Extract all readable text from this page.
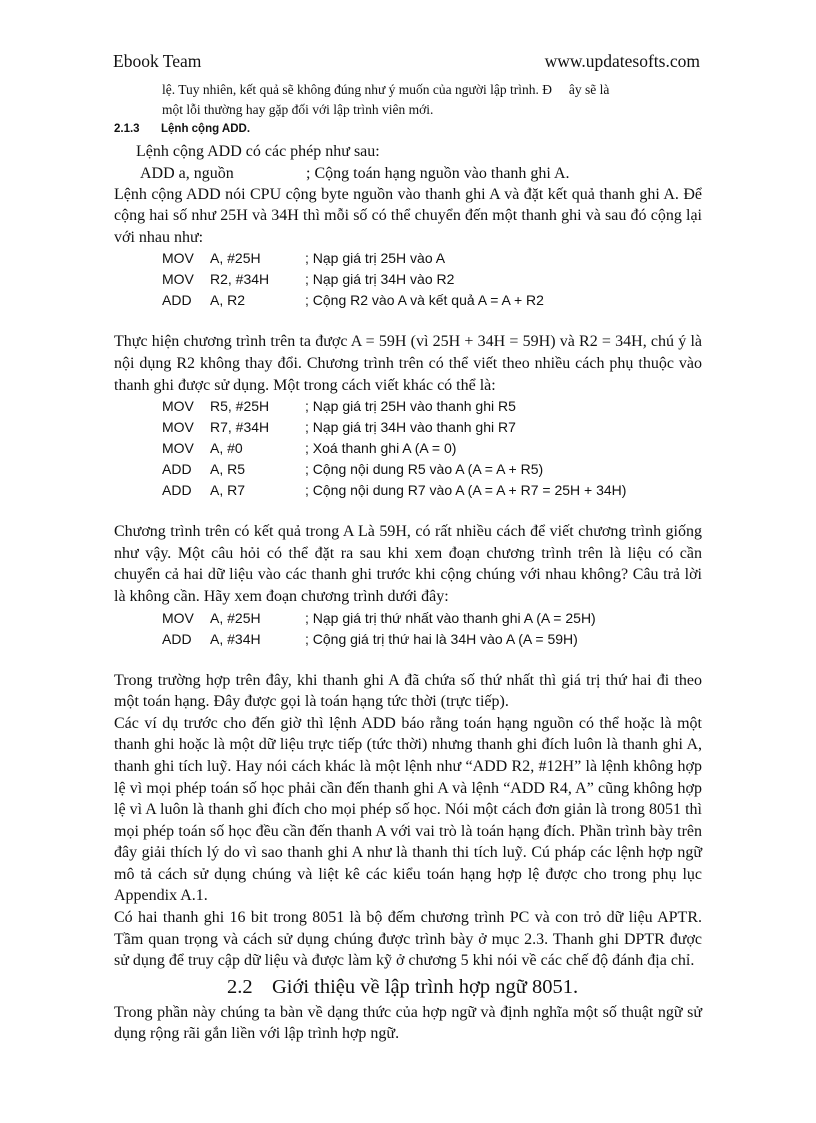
Ebook Team	www.updatesofts.com
lệ. Tuy nhiên, kết quả sẽ không đúng như ý muốn của người lập trình. Đ     ây sẽ là
một lỗi thường hay gặp đối với lập trình viên mới.
2.1.3 Lệnh cộng ADD.

Lệnh cộng ADD có các phép như sau:

ADD a, nguồn	; Cộng toán hạng nguồn vào thanh ghi A.

Lệnh cộng ADD nói CPU cộng byte nguồn vào thanh ghi A và đặt kết quả thanh ghi A. Để cộng hai số như 25H và 34H thì mỗi số có thể chuyển đến một thanh ghi và sau đó cộng lại với nhau như:

MOV A, #25H	; Nạp giá trị 25H vào A
MOV R2, #34H	; Nạp giá trị 34H vào R2
ADD A, R2	; Cộng R2 vào A và kết quả A = A + R2

Thực hiện chương trình trên ta được A = 59H (vì 25H + 34H = 59H) và R2 = 34H, chú ý là nội dụng R2 không thay đổi. Chương trình trên có thể viết theo nhiều cách phụ thuộc vào thanh ghi được sử dụng. Một trong cách viết khác có thể là:

MOV R5, #25H	; Nạp giá trị 25H vào thanh ghi R5
MOV R7, #34H	; Nạp giá trị 34H vào thanh ghi R7
MOV A, #0	; Xoá thanh ghi A (A = 0)
ADD A, R5	; Cộng nội dung R5 vào A (A = A + R5)
ADD A, R7	; Cộng nội dung R7 vào A (A = A + R7 = 25H + 34H)

Chương trình trên có kết quả trong A Là 59H, có rất nhiều cách để viết chương trình giống như vậy. Một câu hỏi có thể đặt ra sau khi xem đoạn chương trình trên là liệu có cần chuyển cả hai dữ liệu vào các thanh ghi trước khi cộng chúng với nhau không? Câu trả lời là không cần. Hãy xem đoạn chương trình dưới đây:

MOV A, #25H	; Nạp giá trị thứ nhất vào thanh ghi A (A = 25H)
ADD A, #34H	; Cộng giá trị thứ hai là 34H vào A (A = 59H)

Trong trường hợp trên đây, khi thanh ghi A đã chứa số thứ nhất thì giá trị thứ hai đi theo một toán hạng. Đây được gọi là toán hạng tức thời (trực tiếp).

Các ví dụ trước cho đến giờ thì lệnh ADD báo rằng toán hạng nguồn có thể hoặc là một thanh ghi hoặc là một dữ liệu trực tiếp (tức thời) nhưng thanh ghi đích luôn là thanh ghi A, thanh ghi tích luỹ. Hay nói cách khác là một lệnh như “ADD R2, #12H” là lệnh không hợp lệ vì mọi phép toán số học phải cần đến thanh ghi A và lệnh “ADD R4, A” cũng không hợp lệ vì A luôn là thanh ghi đích cho mọi phép số học. Nói một cách đơn giản là trong 8051 thì mọi phép toán số học đều cần đến thanh A với vai trò là toán hạng đích. Phần trình bày trên đây giải thích lý do vì sao thanh ghi A như là thanh thi tích luỹ. Cú pháp các lệnh hợp ngữ mô tả cách sử dụng chúng và liệt kê các kiểu toán hạng hợp lệ được cho trong phụ lục Appendix A.1.

Có hai thanh ghi 16 bit trong 8051 là bộ đếm chương trình PC và con trỏ dữ liệu APTR. Tầm quan trọng và cách sử dụng chúng được trình bày ở mục 2.3. Thanh ghi DPTR được sử dụng để truy cập dữ liệu và được làm kỹ ở chương 5 khi nói về các chế độ đánh địa chỉ.

2.2 Giới thiệu về lập trình hợp ngữ 8051.

Trong phần này chúng ta bàn về dạng thức của hợp ngữ và định nghĩa một số thuật ngữ sử dụng rộng rãi gắn liền với lập trình hợp ngữ.
